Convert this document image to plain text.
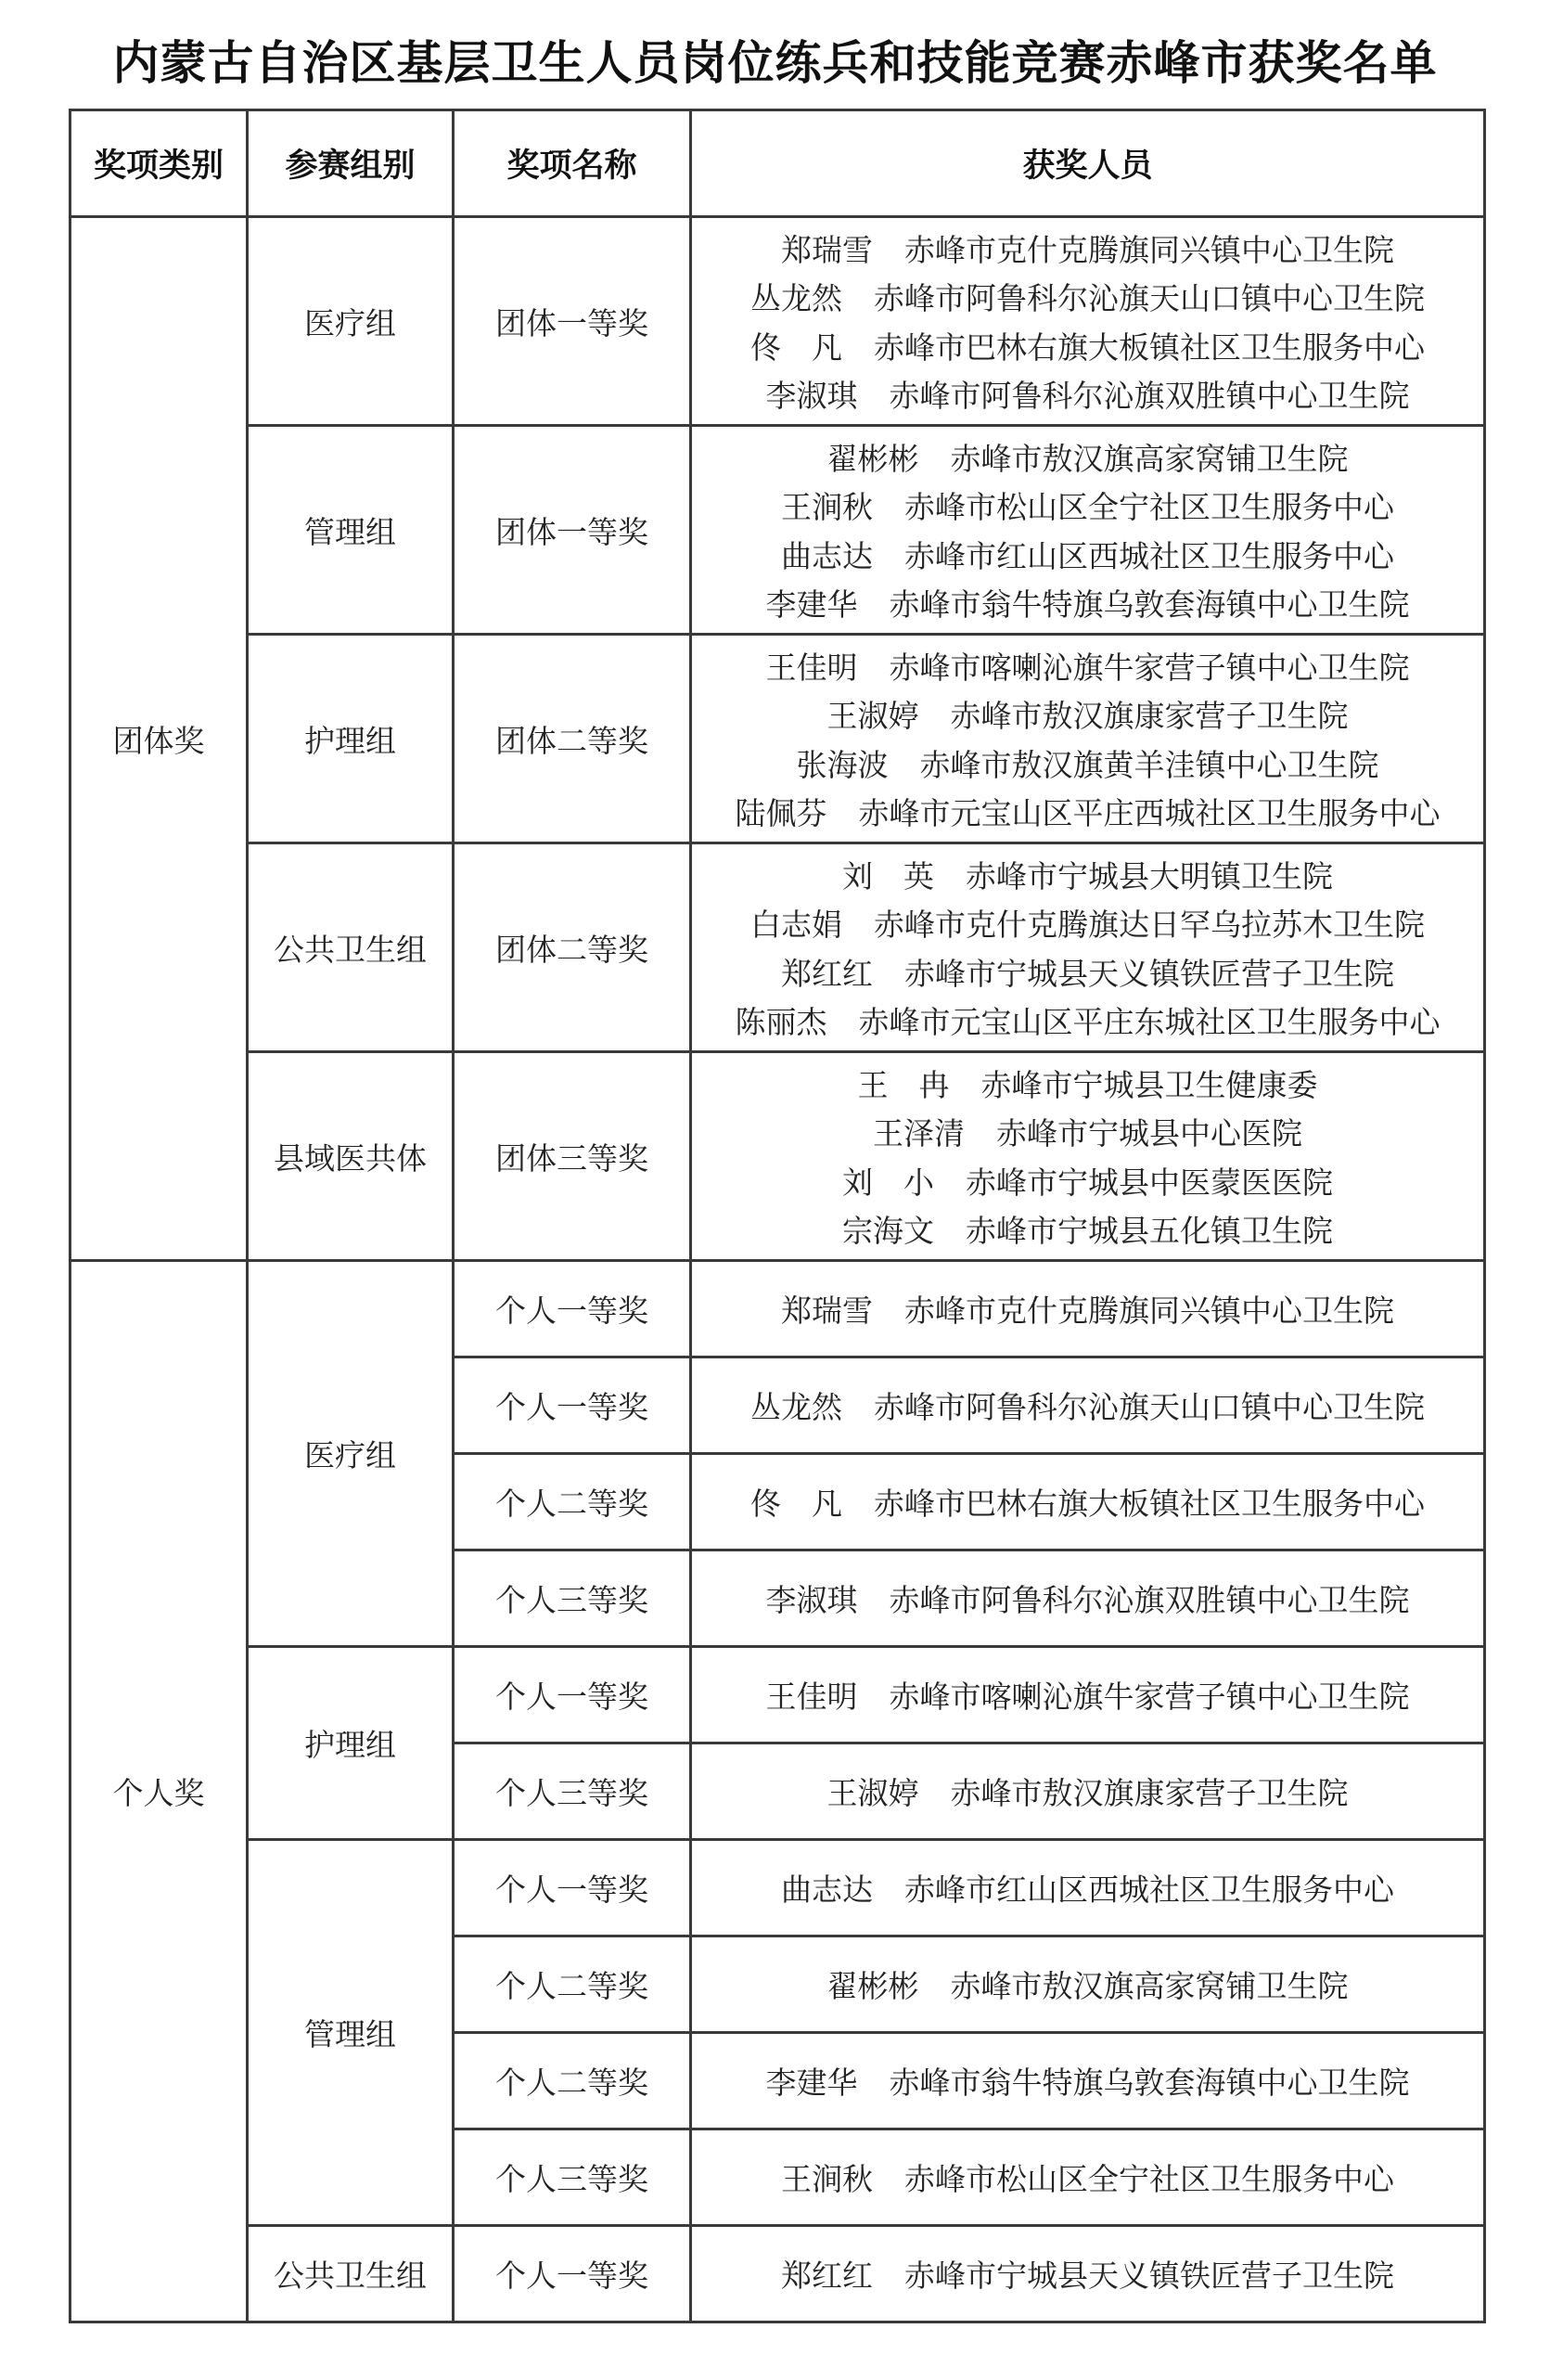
内蒙古自治区基层卫生人员岗位练兵和技能竞赛赤峰市获奖名单
奖项类别	参赛组别	奖项名称	获奖人员
团体奖	医疗组	团体一等奖	郑瑞雪 赤峰市克什克腾旗同兴镇中心卫生院
丛龙然 赤峰市阿鲁科尔沁旗天山口镇中心卫生院
佟　凡 赤峰市巴林右旗大板镇社区卫生服务中心
李淑琪 赤峰市阿鲁科尔沁旗双胜镇中心卫生院

	管理组	团体一等奖	翟彬彬 赤峰市敖汉旗高家窝铺卫生院
王涧秋 赤峰市松山区全宁社区卫生服务中心
曲志达 赤峰市红山区西城社区卫生服务中心
李建华 赤峰市翁牛特旗乌敦套海镇中心卫生院

	护理组	团体二等奖	王佳明 赤峰市喀喇沁旗牛家营子镇中心卫生院
王淑婷 赤峰市敖汉旗康家营子卫生院
张海波 赤峰市敖汉旗黄羊洼镇中心卫生院
陆佩芬 赤峰市元宝山区平庄西城社区卫生服务中心

	公共卫生组	团体二等奖	刘　英 赤峰市宁城县大明镇卫生院
白志娟 赤峰市克什克腾旗达日罕乌拉苏木卫生院
郑红红 赤峰市宁城县天义镇铁匠营子卫生院
陈丽杰 赤峰市元宝山区平庄东城社区卫生服务中心

	县域医共体	团体三等奖	王　冉 赤峰市宁城县卫生健康委
王泽清 赤峰市宁城县中心医院
刘　小 赤峰市宁城县中医蒙医医院
宗海文 赤峰市宁城县五化镇卫生院

个人奖	医疗组	个人一等奖	郑瑞雪 赤峰市克什克腾旗同兴镇中心卫生院

		个人一等奖	丛龙然 赤峰市阿鲁科尔沁旗天山口镇中心卫生院

		个人二等奖	佟　凡 赤峰市巴林右旗大板镇社区卫生服务中心

		个人三等奖	李淑琪 赤峰市阿鲁科尔沁旗双胜镇中心卫生院

	护理组	个人一等奖	王佳明 赤峰市喀喇沁旗牛家营子镇中心卫生院

		个人三等奖	王淑婷 赤峰市敖汉旗康家营子卫生院

	管理组	个人一等奖	曲志达 赤峰市红山区西城社区卫生服务中心

		个人二等奖	翟彬彬 赤峰市敖汉旗高家窝铺卫生院

		个人二等奖	李建华 赤峰市翁牛特旗乌敦套海镇中心卫生院

		个人三等奖	王涧秋 赤峰市松山区全宁社区卫生服务中心

	公共卫生组	个人一等奖	郑红红 赤峰市宁城县天义镇铁匠营子卫生院
